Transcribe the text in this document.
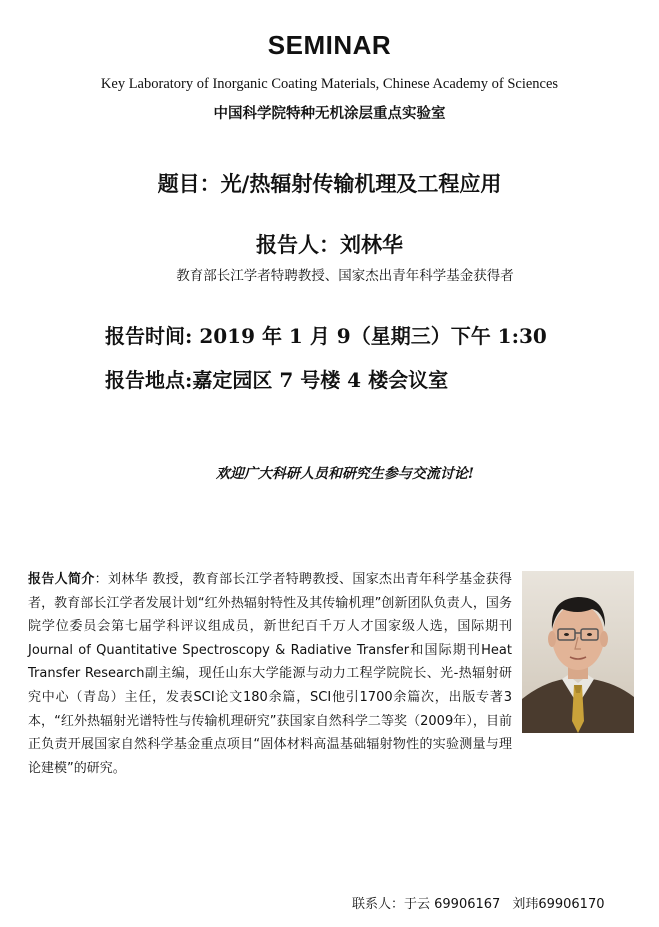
SEMINAR
Key Laboratory of Inorganic Coating Materials, Chinese Academy of Sciences
中国科学院特种无机涂层重点实验室
题目：光/热辐射传输机理及工程应用
报告人：刘林华
教育部长江学者特聘教授、国家杰出青年科学基金获得者
报告时间: 2019 年 1 月 9（星期三）下午 1:30
报告地点:嘉定园区 7 号楼 4 楼会议室
欢迎广大科研人员和研究生参与交流讨论!
报告人简介：刘林华 教授，教育部长江学者特聘教授、国家杰出青年科学基金获得者，教育部长江学者发展计划“红外热辐射特性及其传输机理”创新团队负责人，国务院学位委员会第七届学科评议组成员，新世纪百千万人才国家级人选，国际期刊Journal of Quantitative Spectroscopy & Radiative Transfer和国际期刊Heat Transfer Research副主编，现任山东大学能源与动力工程学院院长、光-热辐射研究中心（青岛）主任，发表SCI论文180余篇，SCI他引1700余篇次，出版专著3本，“红外热辐射光谱特性与传输机理研究”获国家自然科学二等奖（2009年），目前正负责开展国家自然科学基金重点项目“固体材料高温基础辐射物性的实验测量与理论建模”的研究。
联系人：于云 69906167 刘玮69906170
